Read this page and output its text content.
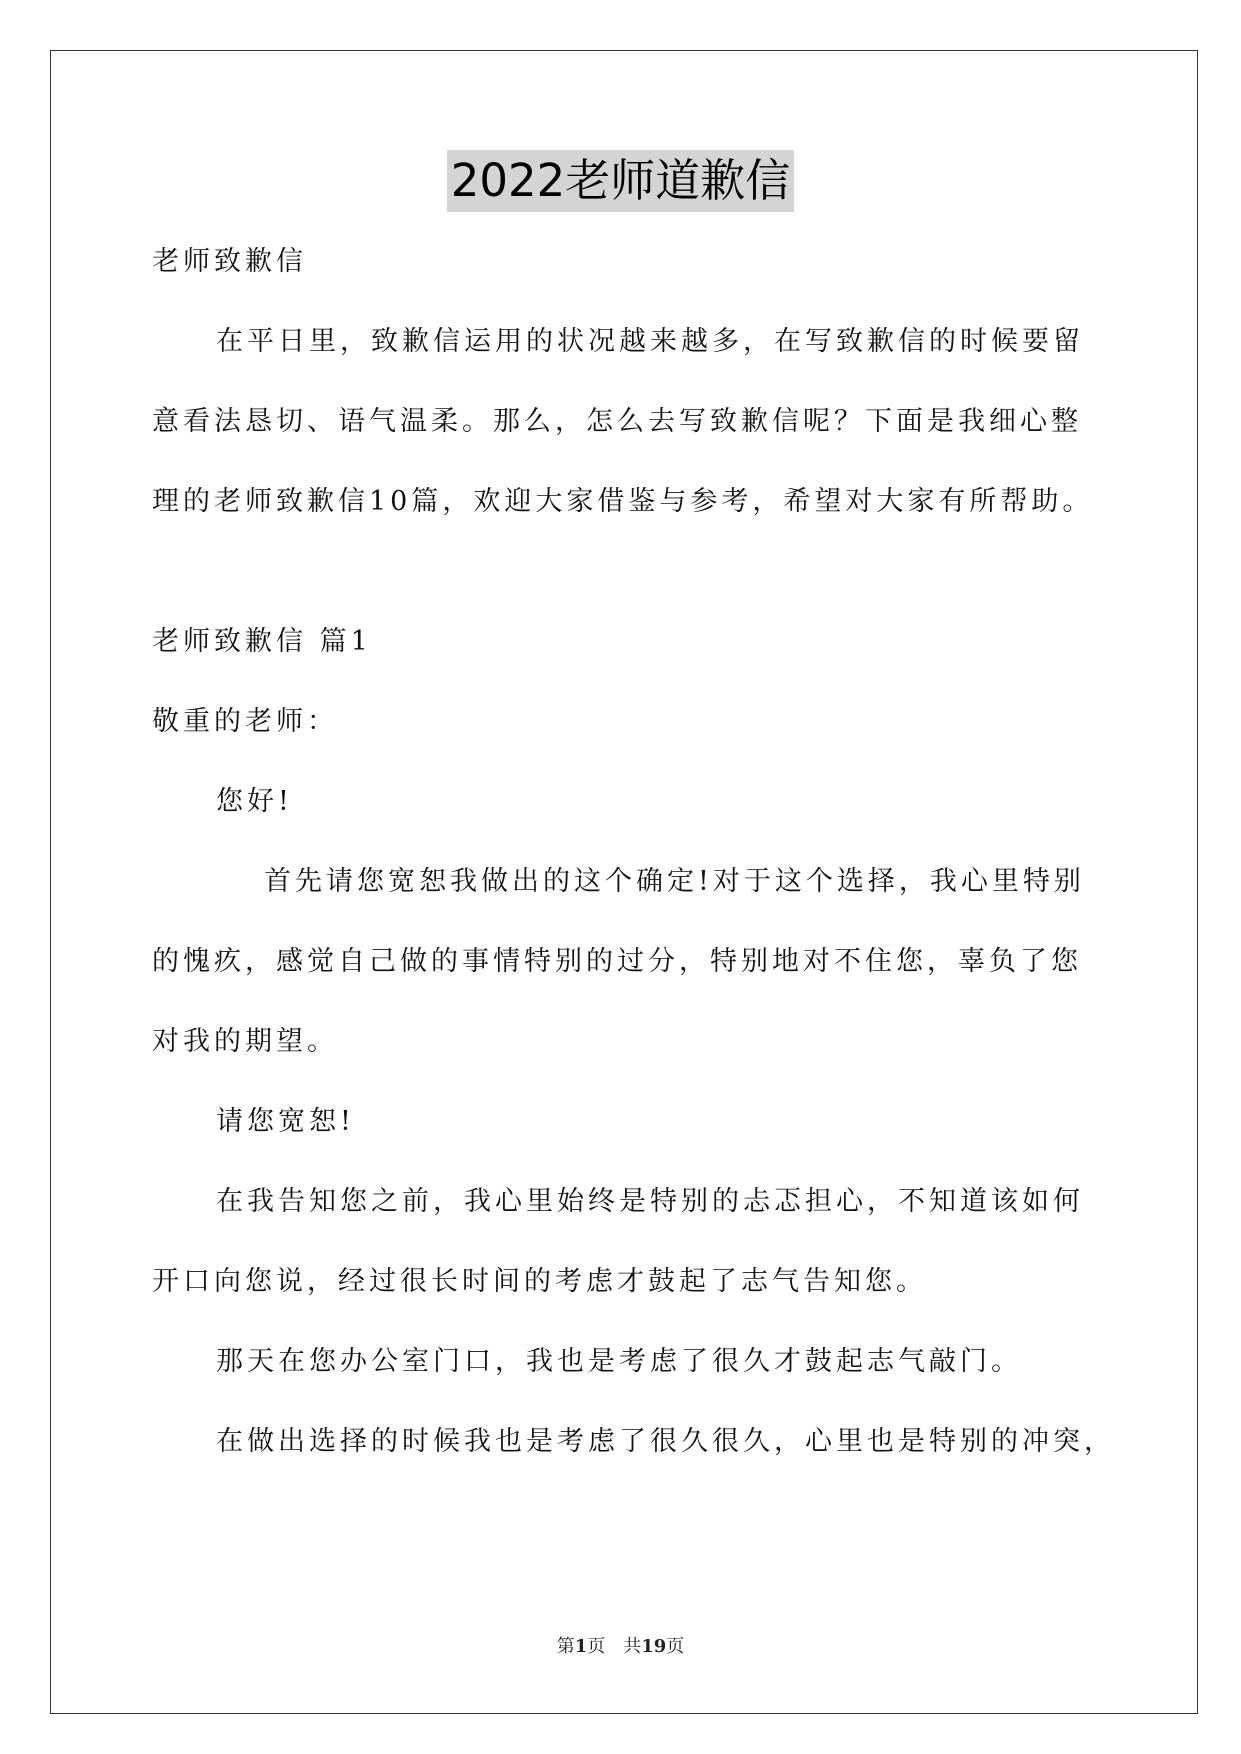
2022老师道歉信
老师致歉信
在平日里，致歉信运用的状况越来越多，在写致歉信的时候要留
意看法恳切、语气温柔。那么，怎么去写致歉信呢？下面是我细心整
理的老师致歉信10篇，欢迎大家借鉴与参考，希望对大家有所帮助。
老师致歉信 篇1
敬重的老师：
您好!
首先请您宽恕我做出的这个确定!对于这个选择，我心里特别
的愧疚，感觉自己做的事情特别的过分，特别地对不住您，辜负了您
对我的期望。
请您宽恕!
在我告知您之前，我心里始终是特别的忐忑担心，不知道该如何
开口向您说，经过很长时间的考虑才鼓起了志气告知您。
那天在您办公室门口，我也是考虑了很久才鼓起志气敲门。
在做出选择的时候我也是考虑了很久很久，心里也是特别的冲突，
第1页　共19页
